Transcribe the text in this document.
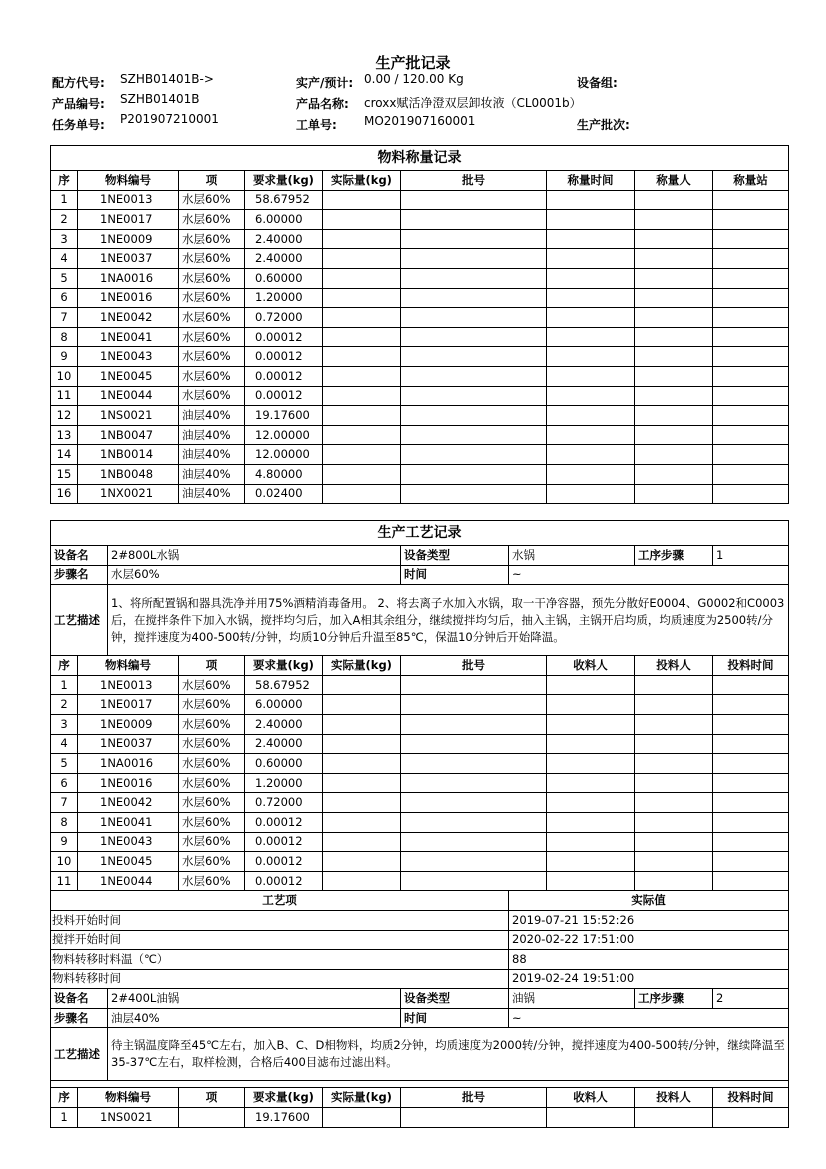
生产批记录
配方代号: SZHB01401B->	实产/预计: 0.00 / 120.00 Kg	设备组:
产品编号: SZHB01401B	产品名称: croxx赋活净澄双层卸妆液（CL0001b）
任务单号: P201907210001	工单号: MO201907160001	生产批次:
物料称量记录								
序	物料编号	项	要求量(kg)	实际量(kg)	批号	称量时间	称量人	称量站
1	1NE0013	水层60%	58.67952					
2	1NE0017	水层60%	6.00000					
3	1NE0009	水层60%	2.40000					
4	1NE0037	水层60%	2.40000					
5	1NA0016	水层60%	0.60000					
6	1NE0016	水层60%	1.20000					
7	1NE0042	水层60%	0.72000					
8	1NE0041	水层60%	0.00012					
9	1NE0043	水层60%	0.00012					
10	1NE0045	水层60%	0.00012					
11	1NE0044	水层60%	0.00012					
12	1NS0021	油层40%	19.17600					
13	1NB0047	油层40%	12.00000					
14	1NB0014	油层40%	12.00000					
15	1NB0048	油层40%	4.80000					
16	1NX0021	油层40%	0.02400					
生产工艺记录										
设备名		2#800L水锅				设备类型	水锅		工序步骤	1
步骤名		水层60%				时间	~			
工艺描述		1、将所配置锅和器具洗净并用75%酒精消毒备用。 2、将去离子水加入水锅，取一干净容器，预先分散好E0004、G0002和C0003后，在搅拌条件下加入水锅，搅拌均匀后，加入A相其余组分，继续搅拌均匀后，抽入主锅，主锅开启均质，均质速度为2500转/分钟，搅拌速度为400-500转/分钟，均质10分钟后升温至85℃，保温10分钟后开始降温。								
序	物料编号		项	要求量(kg)	实际量(kg)	批号		收料人	投料人	投料时间
1	1NE0013		水层60%	58.67952						
2	1NE0017		水层60%	6.00000						
3	1NE0009		水层60%	2.40000						
4	1NE0037		水层60%	2.40000						
5	1NA0016		水层60%	0.60000						
6	1NE0016		水层60%	1.20000						
7	1NE0042		水层60%	0.72000						
8	1NE0041		水层60%	0.00012						
9	1NE0043		水层60%	0.00012						
10	1NE0045		水层60%	0.00012						
11	1NE0044		水层60%	0.00012						
工艺项							实际值			
投料开始时间							2019-07-21 15:52:26			
搅拌开始时间							2020-02-22 17:51:00			
物料转移时料温（℃）							88			
物料转移时间							2019-02-24 19:51:00			
设备名		2#400L油锅				设备类型	油锅		工序步骤	2
步骤名		油层40%				时间	~			
工艺描述		待主锅温度降至45℃左右，加入B、C、D相物料，均质2分钟，均质速度为2000转/分钟，搅拌速度为400-500转/分钟，继续降温至35-37℃左右，取样检测，合格后400目滤布过滤出料。								

序	物料编号		项	要求量(kg)	实际量(kg)	批号		收料人	投料人	投料时间
1	1NS0021			19.17600						
